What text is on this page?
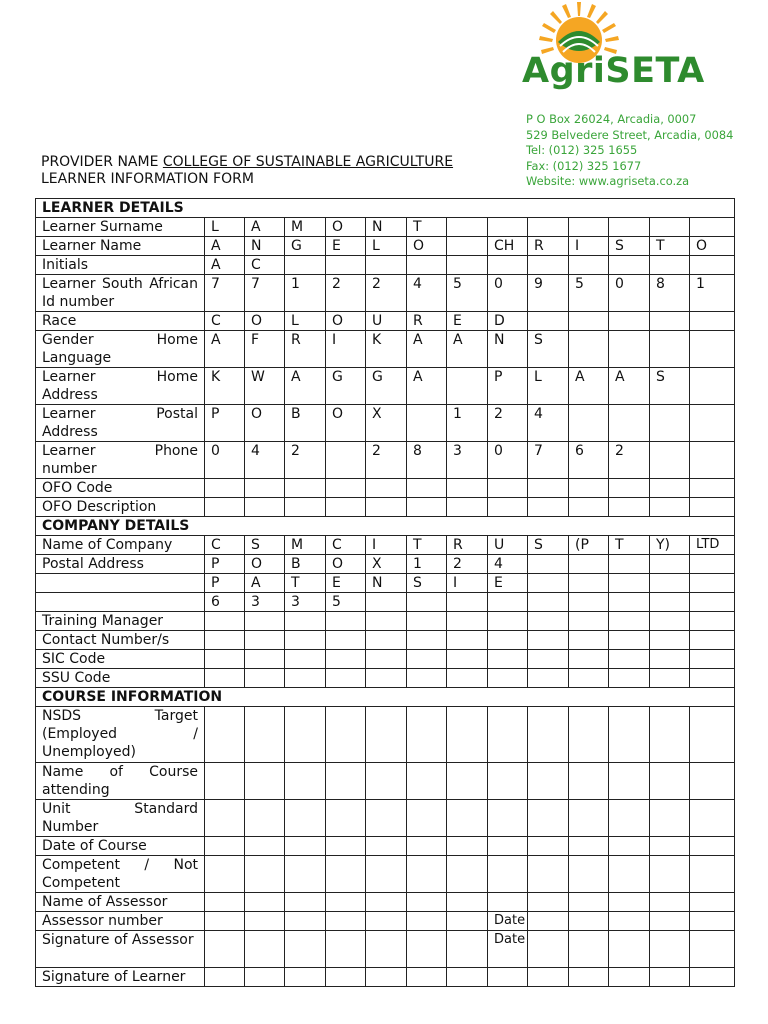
AgriSETA
P O Box 26024, Arcadia, 0007
529 Belvedere Street, Arcadia, 0084
Tel: (012) 325 1655
Fax: (012) 325 1677
Website: www.agriseta.co.za
PROVIDER NAME COLLEGE OF SUSTAINABLE AGRICULTURE
LEARNER INFORMATION FORM
LEARNER DETAILS													
Learner Surname	L	A	M	O	N	T							
Learner Name	A	N	G	E	L	O		CH	R	I	S	T	O
Initials	A	C											
Learner South African Id number	7	7	1	2	2	4	5	0	9	5	0	8	1
Race	C	O	L	O	U	R	E	D					
Gender Home Language	A	F	R	I	K	A	A	N	S				
Learner Home Address	K	W	A	G	G	A		P	L	A	A	S	
Learner Postal Address	P	O	B	O	X		1	2	4				
Learner Phone number	0	4	2		2	8	3	0	7	6	2		
OFO Code													
OFO Description													
COMPANY DETAILS													
Name of Company	C	S	M	C	I	T	R	U	S	(P	T	Y)	LTD
Postal Address	P	O	B	O	X	1	2	4					
	P	A	T	E	N	S	I	E					
	6	3	3	5									
Training Manager													
Contact Number/s													
SIC Code													
SSU Code													
COURSE INFORMATION													
NSDS Target (Employed / Unemployed)													
Name of Course attending													
Unit Standard Number													
Date of Course													
Competent / Not Competent													
Name of Assessor													
Assessor number								Date					
Signature of Assessor								Date					
Signature of Learner													
